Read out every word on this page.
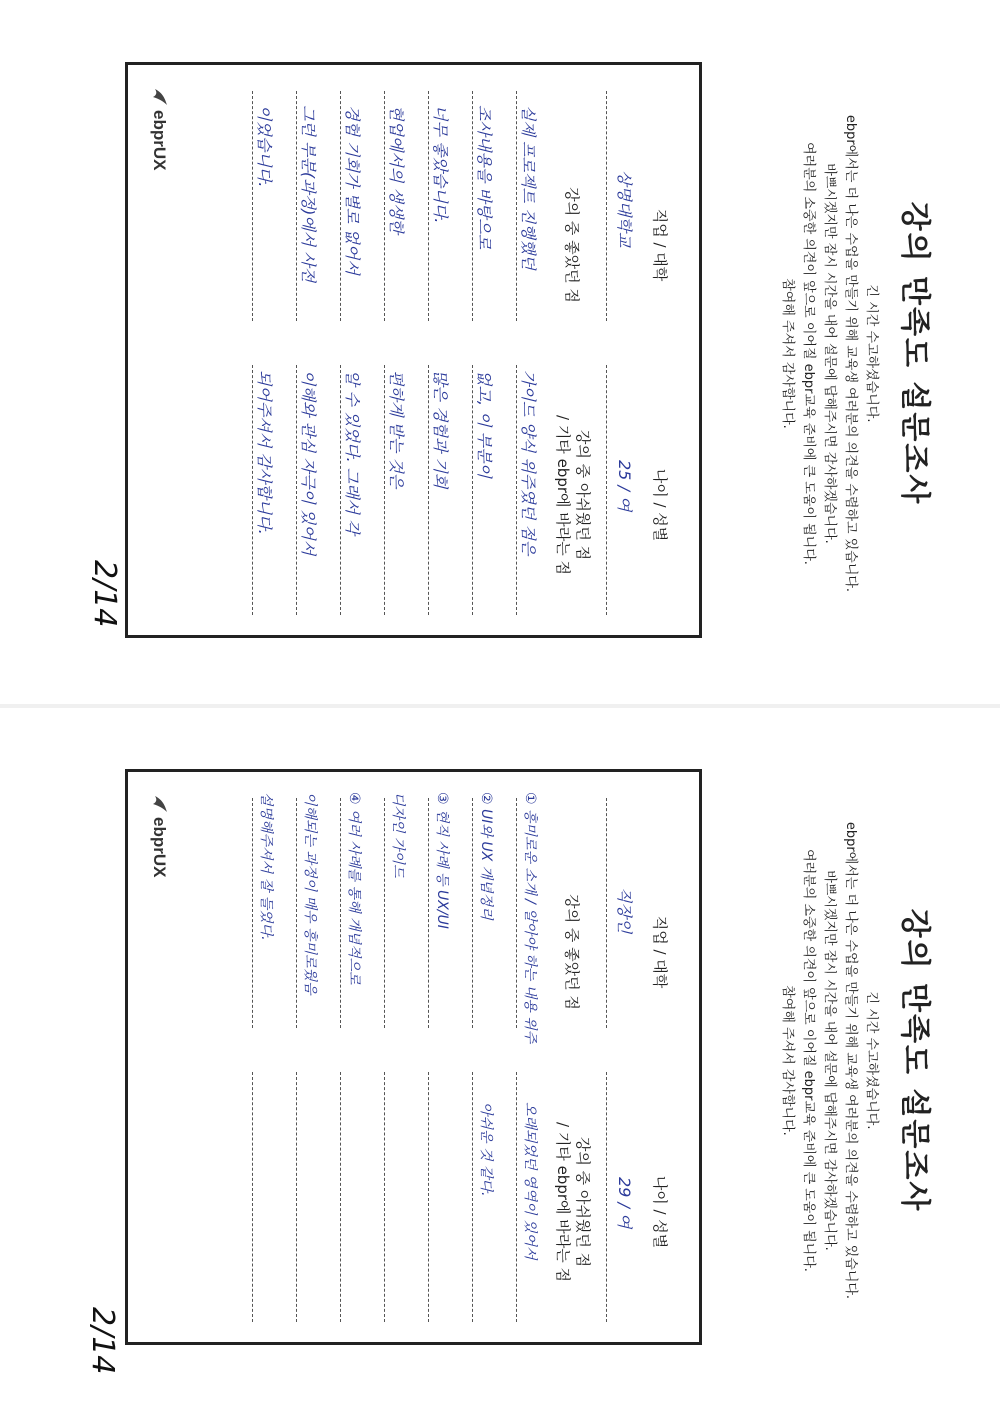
강의 만족도 설문조사
긴 시간 수고하셨습니다.
ebpr에서는 더 나은 수업을 만들기 위해 교육생 여러분의 의견을 수렴하고 있습니다.
바쁘시겠지만 잠시 시간을 내어 설문에 답해주시면 감사하겠습니다.
여러분의 소중한 의견이 앞으로 이어질 ebpr교육 준비에 큰 도움이 됩니다.
참여해 주셔서 감사합니다.
2/14
직업 / 대학
나이 / 성별
상명대학교
25 / 여
강의 중 좋았던 점
강의 중 아쉬웠던 점
/ 기타 ebpr에 바라는 점
실제 프로젝트 진행했던
조사내용을 바탕으로
너무 좋았습니다.
현업에서의 생생한
경험 기회가 별로 없어서
그런 부분(과정)에서 사전
이었습니다.
가이드 양식 위주였던 점은
없고, 이 부분이
많은 경험과 기회
편하게 받는 것은
알 수 있었다. 그래서 각
이해와 관심 자극이 있어서
되어주셔서 감사합니다.
ebprUX
강의 만족도 설문조사
긴 시간 수고하셨습니다.
ebpr에서는 더 나은 수업을 만들기 위해 교육생 여러분의 의견을 수렴하고 있습니다.
바쁘시겠지만 잠시 시간을 내어 설문에 답해주시면 감사하겠습니다.
여러분의 소중한 의견이 앞으로 이어질 ebpr교육 준비에 큰 도움이 됩니다.
참여해 주셔서 감사합니다.
2/14
직업 / 대학
나이 / 성별
직장인
29 / 여
강의 중 좋았던 점
강의 중 아쉬웠던 점
/ 기타 ebpr에 바라는 점
① 흥미로운 소개 / 알아야 하는 내용 위주
② UI와 UX 개념정리
③ 현직 사례 등 UX/UI
디자인 가이드
④ 여러 사례를 통해 개념적으로
이해되는 과정이 매우 흥미로웠음
설명해주셔서 잘 들었다.
오래되었던 영역이 있어서
아쉬운 것 같다.
ebprUX
